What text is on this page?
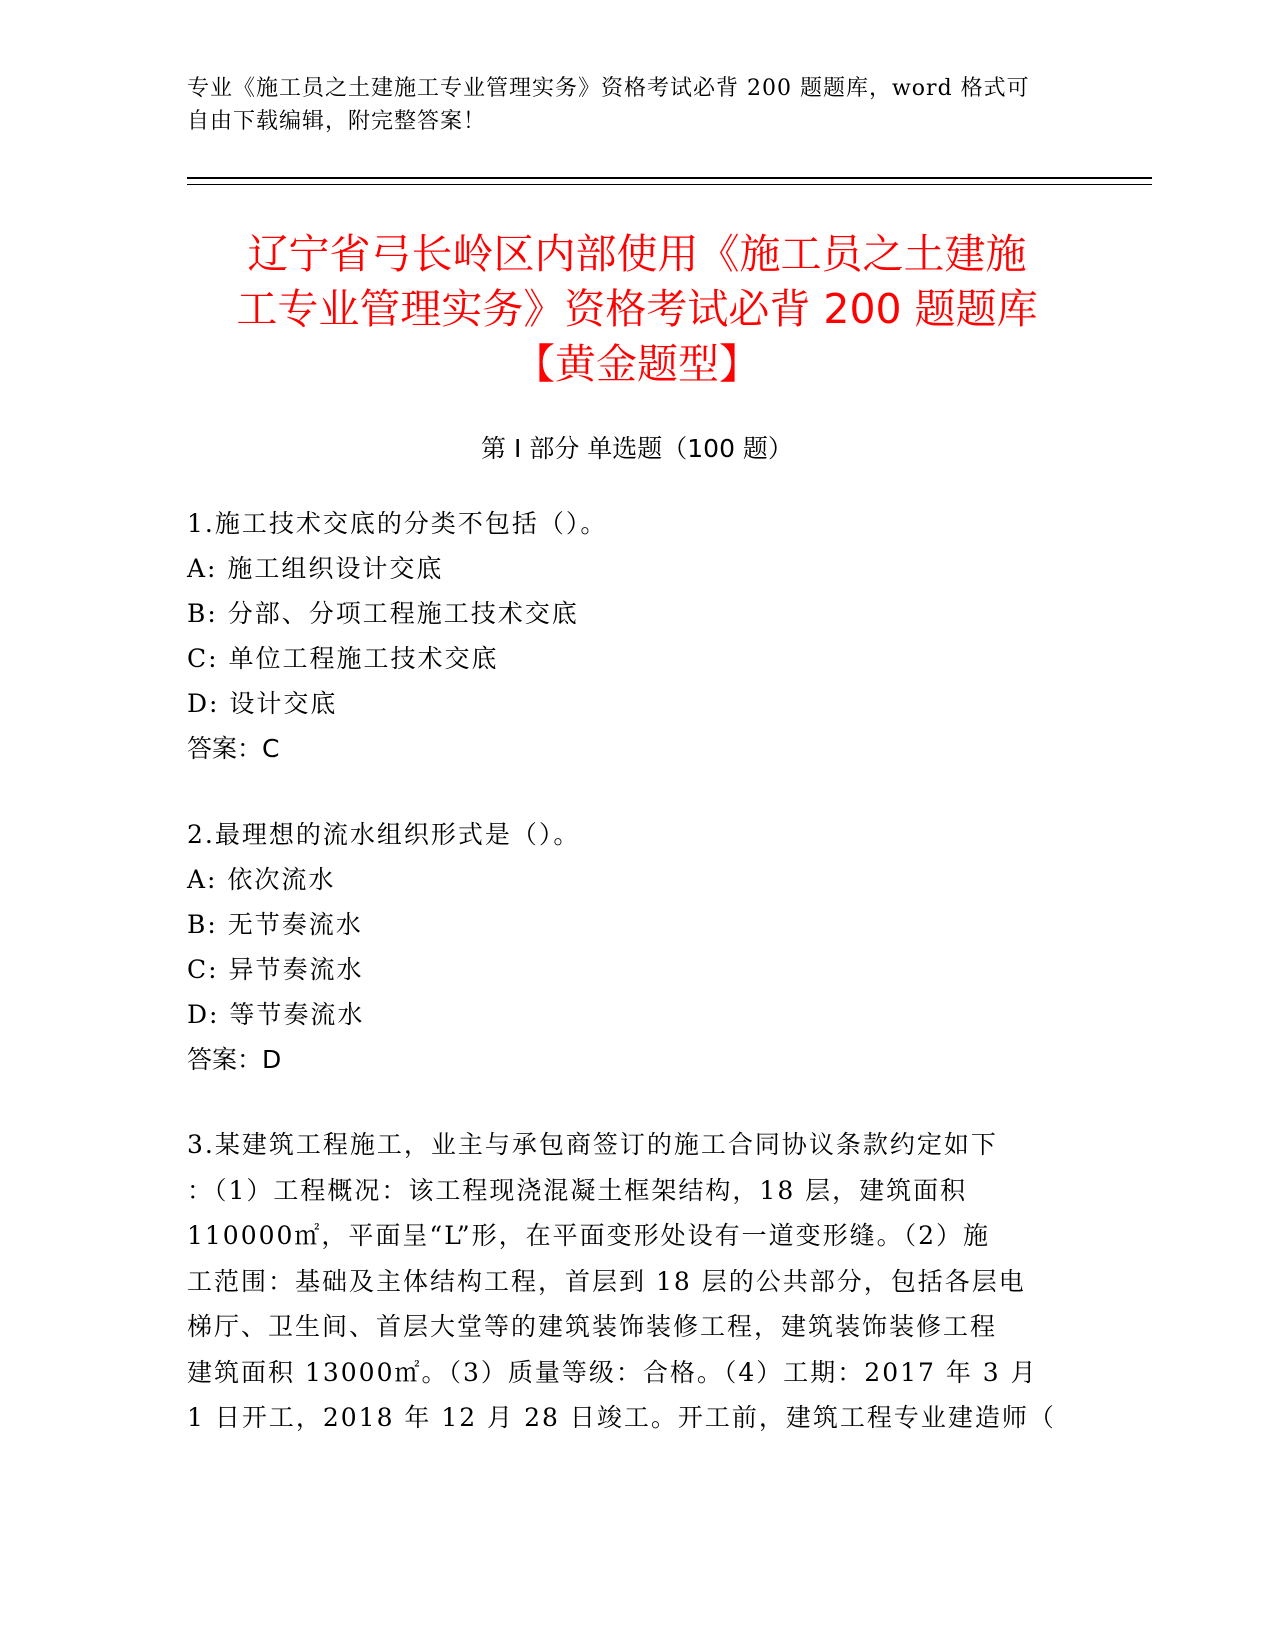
专业《施工员之土建施工专业管理实务》资格考试必背 200 题题库，word 格式可
自由下载编辑，附完整答案！
辽宁省弓长岭区内部使用《施工员之土建施
工专业管理实务》资格考试必背 200 题题库
【黄金题型】
第 I 部分 单选题（100 题）
1.施工技术交底的分类不包括（）。
A: 施工组织设计交底
B: 分部、分项工程施工技术交底
C: 单位工程施工技术交底
D: 设计交底
答案：C
2.最理想的流水组织形式是（）。
A: 依次流水
B: 无节奏流水
C: 异节奏流水
D: 等节奏流水
答案：D
3.某建筑工程施工，业主与承包商签订的施工合同协议条款约定如下
：（1）工程概况：该工程现浇混凝土框架结构，18 层，建筑面积
110000㎡，平面呈“L”形，在平面变形处设有一道变形缝。（2）施
工范围：基础及主体结构工程，首层到 18 层的公共部分，包括各层电
梯厅、卫生间、首层大堂等的建筑装饰装修工程，建筑装饰装修工程
建筑面积 13000㎡。（3）质量等级：合格。（4）工期：2017 年 3 月
1 日开工，2018 年 12 月 28 日竣工。开工前，建筑工程专业建造师（
